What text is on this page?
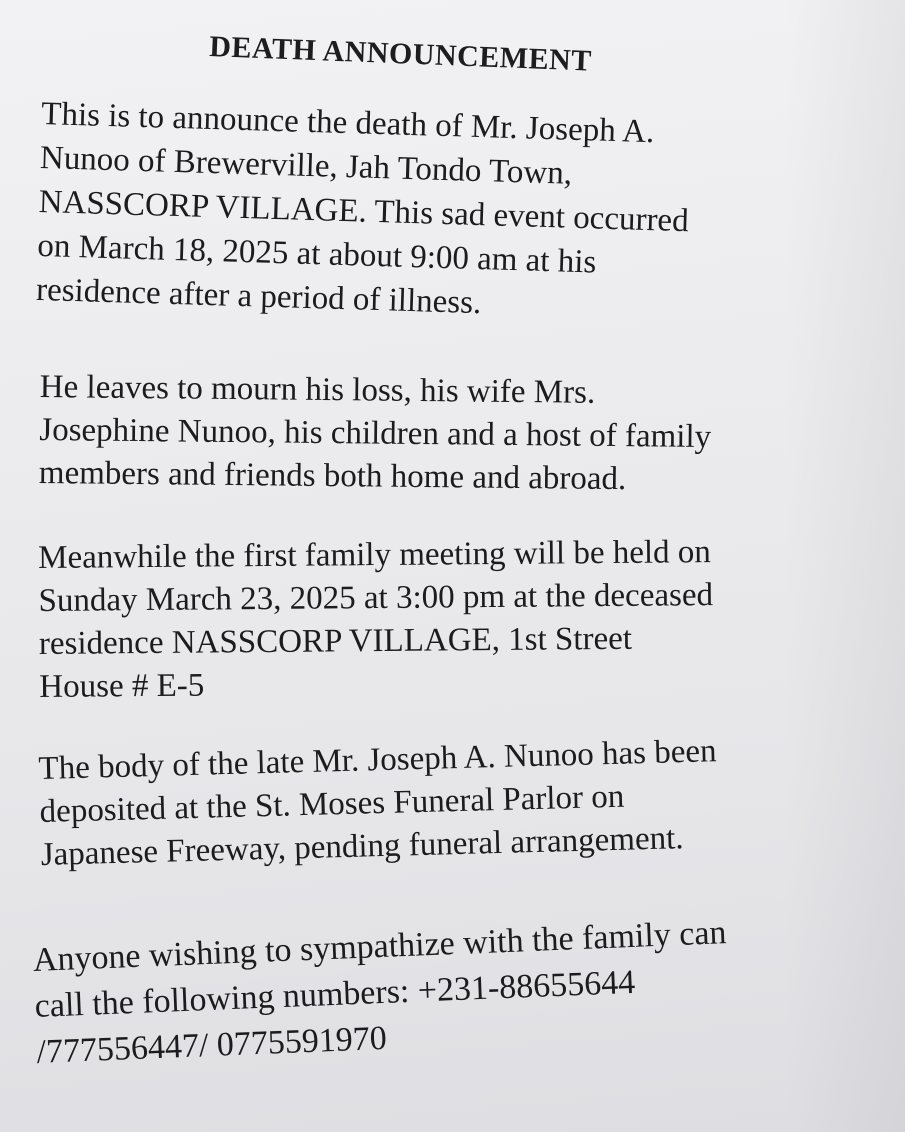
DEATH ANNOUNCEMENT
This is to announce the death of Mr. Joseph A.
Nunoo of Brewerville, Jah Tondo Town,
NASSCORP VILLAGE. This sad event occurred
on March 18, 2025 at about 9:00 am at his
residence after a period of illness.
He leaves to mourn his loss, his wife Mrs.
Josephine Nunoo, his children and a host of family
members and friends both home and abroad.
Meanwhile the first family meeting will be held on
Sunday March 23, 2025 at 3:00 pm at the deceased
residence NASSCORP VILLAGE, 1st Street
House # E-5
The body of the late Mr. Joseph A. Nunoo has been
deposited at the St. Moses Funeral Parlor on
Japanese Freeway, pending funeral arrangement.
Anyone wishing to sympathize with the family can
call the following numbers: +231-88655644
/777556447/ 0775591970
